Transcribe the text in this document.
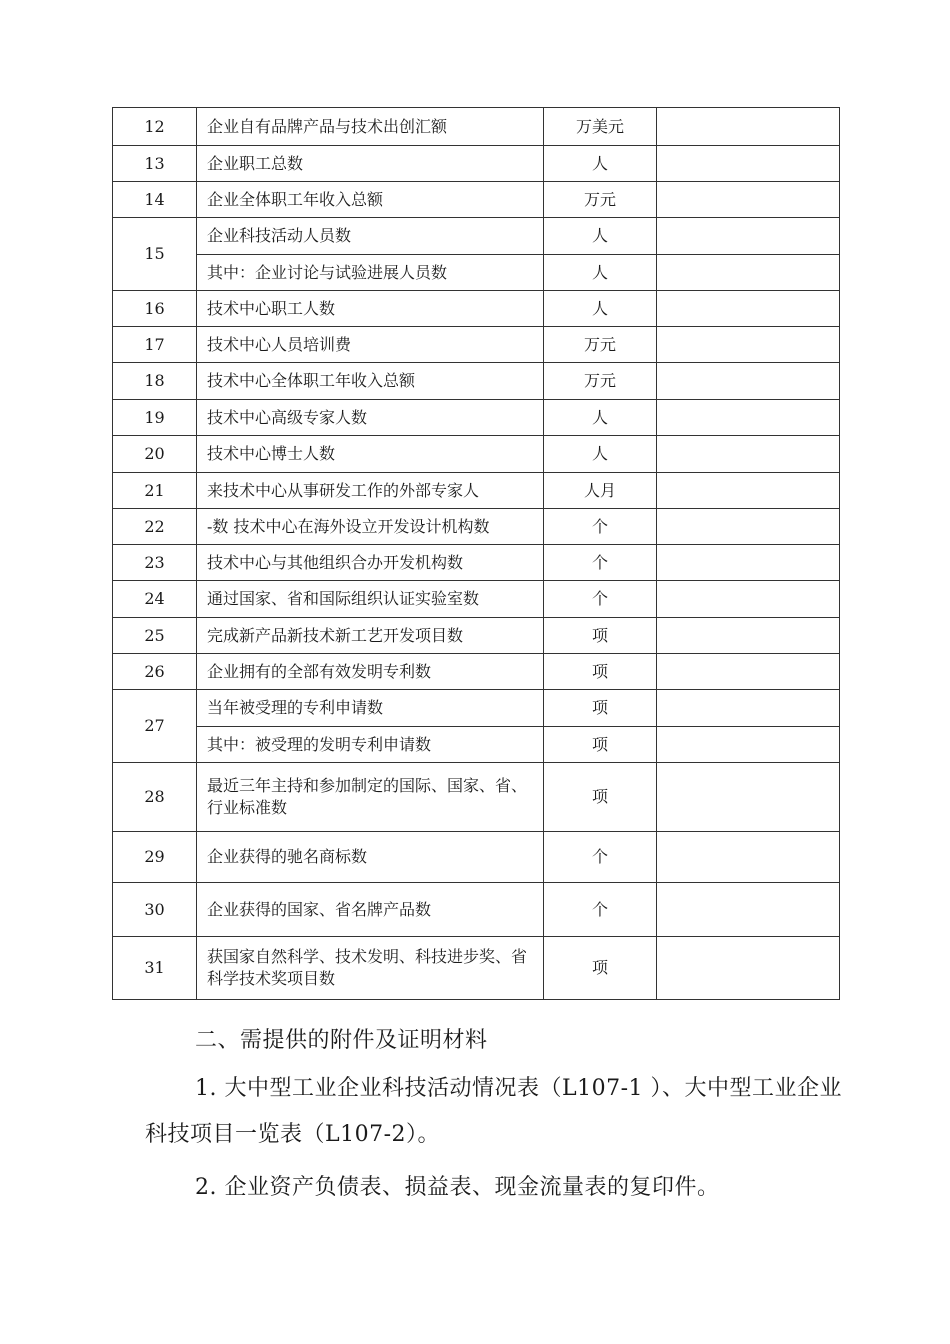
12	企业自有品牌产品与技术出创汇额	万美元	
13	企业职工总数	人	
14	企业全体职工年收入总额	万元	
15	企业科技活动人员数	人	
	其中：企业讨论与试验进展人员数	人	
16	技术中心职工人数	人	
17	技术中心人员培训费	万元	
18	技术中心全体职工年收入总额	万元	
19	技术中心高级专家人数	人	
20	技术中心博士人数	人	
21	来技术中心从事研发工作的外部专家人	人月	
22	-数 技术中心在海外设立开发设计机构数	个	
23	技术中心与其他组织合办开发机构数	个	
24	通过国家、省和国际组织认证实验室数	个	
25	完成新产品新技术新工艺开发项目数	项	
26	企业拥有的全部有效发明专利数	项	
27	当年被受理的专利申请数	项	
	其中：被受理的发明专利申请数	项	
28	最近三年主持和参加制定的国际、国家、省、行业标准数	项	
29	企业获得的驰名商标数	个	
30	企业获得的国家、省名牌产品数	个	
31	获国家自然科学、技术发明、科技进步奖、省科学技术奖项目数	项	

二、需提供的附件及证明材料

1. 大中型工业企业科技活动情况表（L107-1 ）、大中型工业企业科技项目一览表（L107-2）。

2. 企业资产负债表、损益表、现金流量表的复印件。
